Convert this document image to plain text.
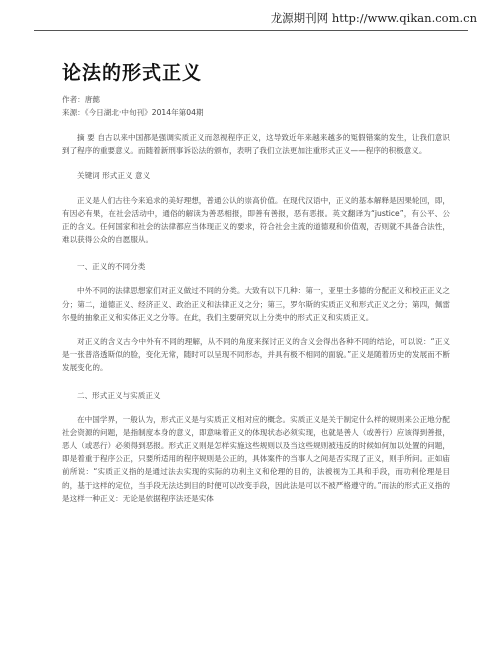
龙源期刊网 http://www.qikan.com.cn
论法的形式正义
作者：唐懿
来源：《今日湖北·中旬刊》2014年第04期

摘 要 自古以来中国都是强调实质正义而忽视程序正义，这导致近年来越来越多的冤假错案的发生，让我们意识到了程序的重要意义。而随着新刑事诉讼法的颁布，表明了我们立法更加注重形式正义——程序的积极意义。

关键词 形式正义 意义

正义是人们古往今来追求的美好理想，普通公认的崇高价值。在现代汉语中，正义的基本解释是因果轮回，即，有因必有果，在社会活动中，通俗的解读为善恶相报，即善有善报，恶有恶报。英文翻译为“justice”，有公平、公正的含义。任何国家和社会的法律都应当体现正义的要求，符合社会主流的道德观和价值观，否则就不具备合法性，难以获得公众的自愿服从。

一、正义的不同分类

中外不同的法律思想家们对正义做过不同的分类。大致有以下几种：第一，亚里士多德的分配正义和校正正义之分；第二，道德正义、经济正义、政治正义和法律正义之分；第三，罗尔斯的实质正义和形式正义之分；第四，佩雷尔曼的抽象正义和实体正义之分等。在此，我们主要研究以上分类中的形式正义和实质正义。

对正义的含义古今中外有不同的理解，从不同的角度来探讨正义的含义会得出各种不同的结论，可以说：“正义是一张普洛透斯似的脸，变化无常，随时可以呈现不同形态，并具有极不相同的面貌。”正义是随着历史的发展而不断发展变化的。

二、形式正义与实质正义

在中国学界，一般认为，形式正义是与实质正义相对应的概念。实质正义是关于制定什么样的规则来公正地分配社会资源的问题，是指制度本身的意义，即意味着正义的体现状态必须实现，也就是善人（或善行）应该得到善报，恶人（或恶行）必须得到恶报。形式正义则是怎样实施这些规则以及当这些规则被违反的时候如何加以处置的问题，即是着重于程序公正，只要所适用的程序规则是公正的，具体案件的当事人之间是否实现了正义，则手所问。正如庙前所说：“实质正义指的是通过法去实现的实际的功利主义和伦理的目的，法被视为工具和手段，而功利伦理是目的，基于这样的定位，当手段无法达到目的时便可以改变手段，因此法是可以不被严格遵守的。”而法的形式正义指的是这样一种正义：无论是依据程序法还是实体
